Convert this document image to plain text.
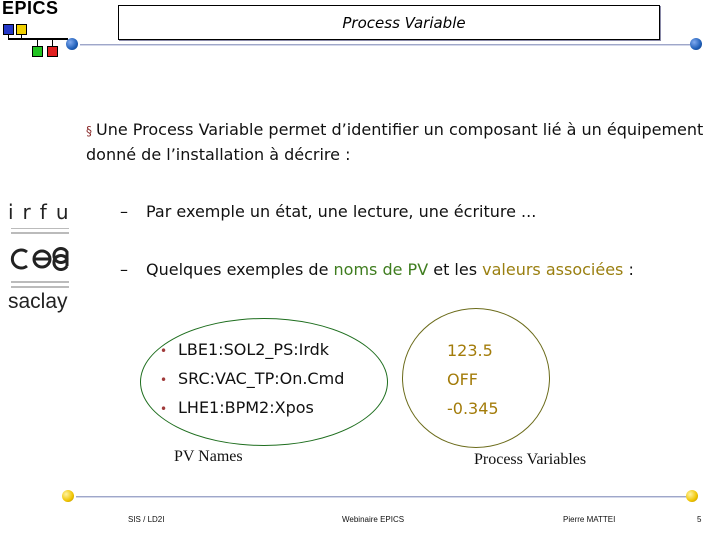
EPICS
Process Variable
irfu
cea
saclay
§ Une Process Variable permet d’identifier un composant lié à un équipement donné de l’installation à décrire :
– Par exemple un état, une lecture, une écriture ...
– Quelques exemples de noms de PV et les valeurs associées :
• LBE1:SOL2_PS:Irdk
• SRC:VAC_TP:On.Cmd
• LHE1:BPM2:Xpos
123.5
OFF
-0.345
PV Names	Process Variables
SIS / LD2I	Webinaire EPICS	Pierre MATTEI	5
